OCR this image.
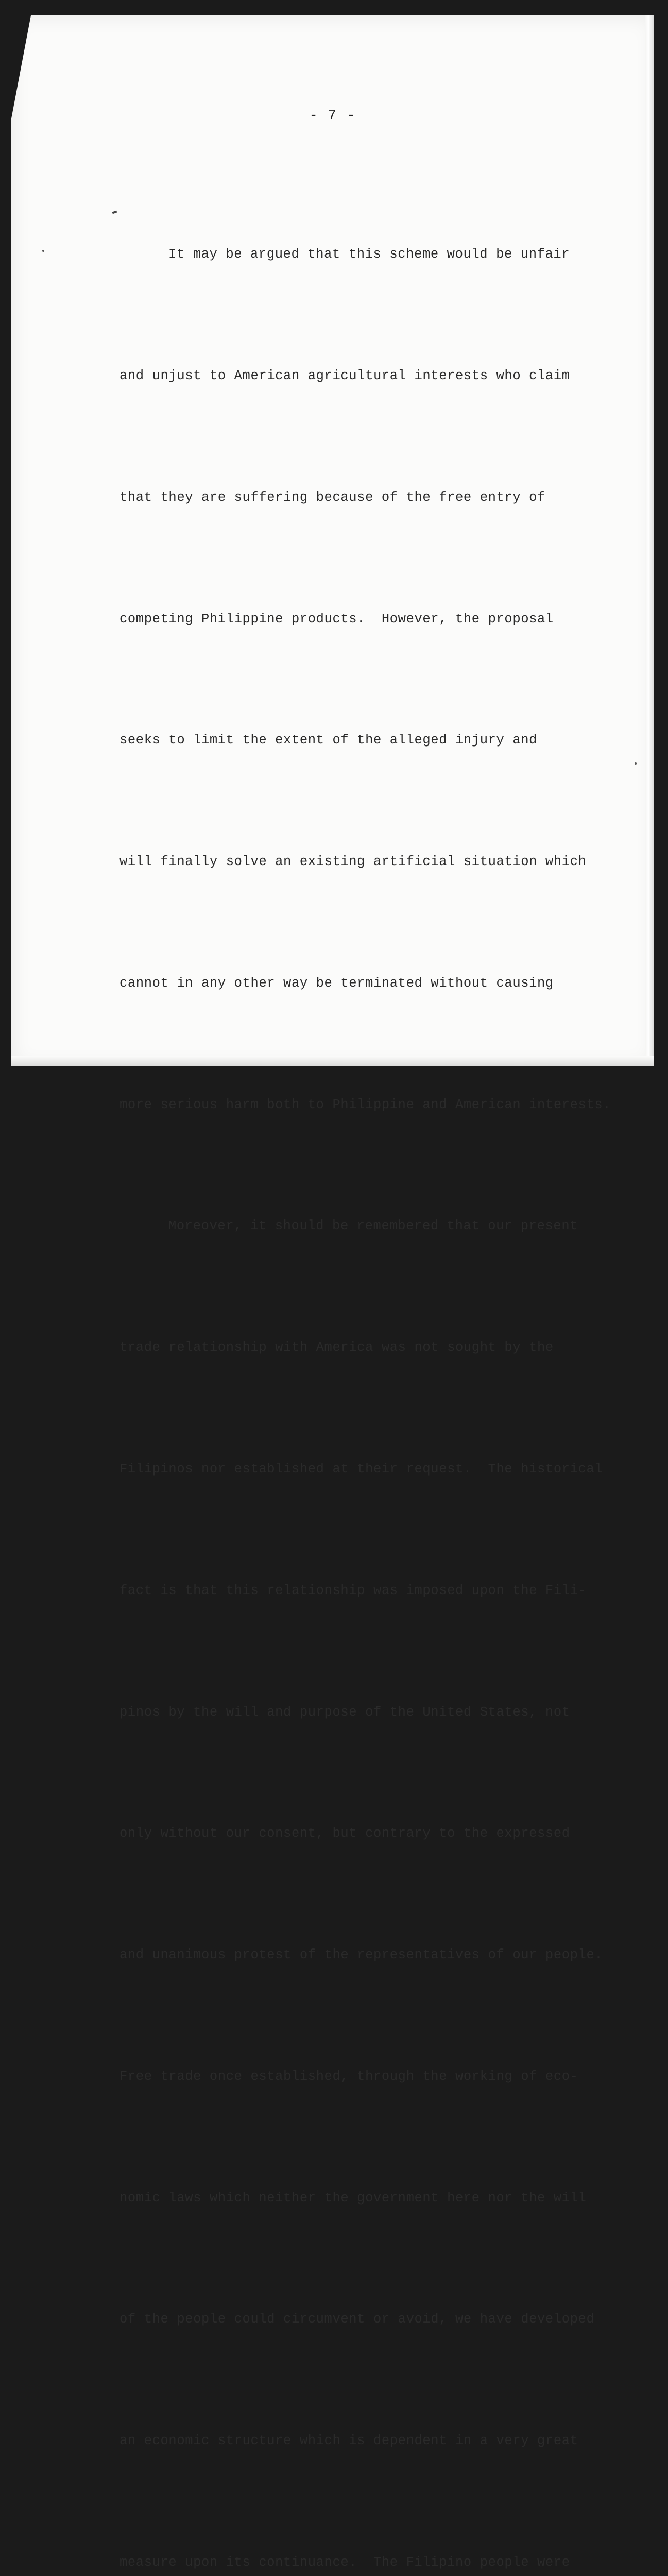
- 7 -

It may be argued that this scheme would be unfair

and unjust to American agricultural interests who claim

that they are suffering because of the free entry of

competing Philippine products.  However, the proposal

seeks to limit the extent of the alleged injury and

will finally solve an existing artificial situation which

cannot in any other way be terminated without causing

more serious harm both to Philippine and American interests.

Moreover, it should be remembered that our present

trade relationship with America was not sought by the

Filipinos nor established at their request.  The historical

fact is that this relationship was imposed upon the Fili-

pinos by the will and purpose of the United States, not

only without our consent, but contrary to the expressed

and unanimous protest of the representatives of our people.

Free trade once established, through the working of eco-

nomic laws which neither the government here nor the will

of the people could circumvent or avoid, we have developed

an economic structure which is dependent in a very great

measure upon its continuance.  The Filipino people were
